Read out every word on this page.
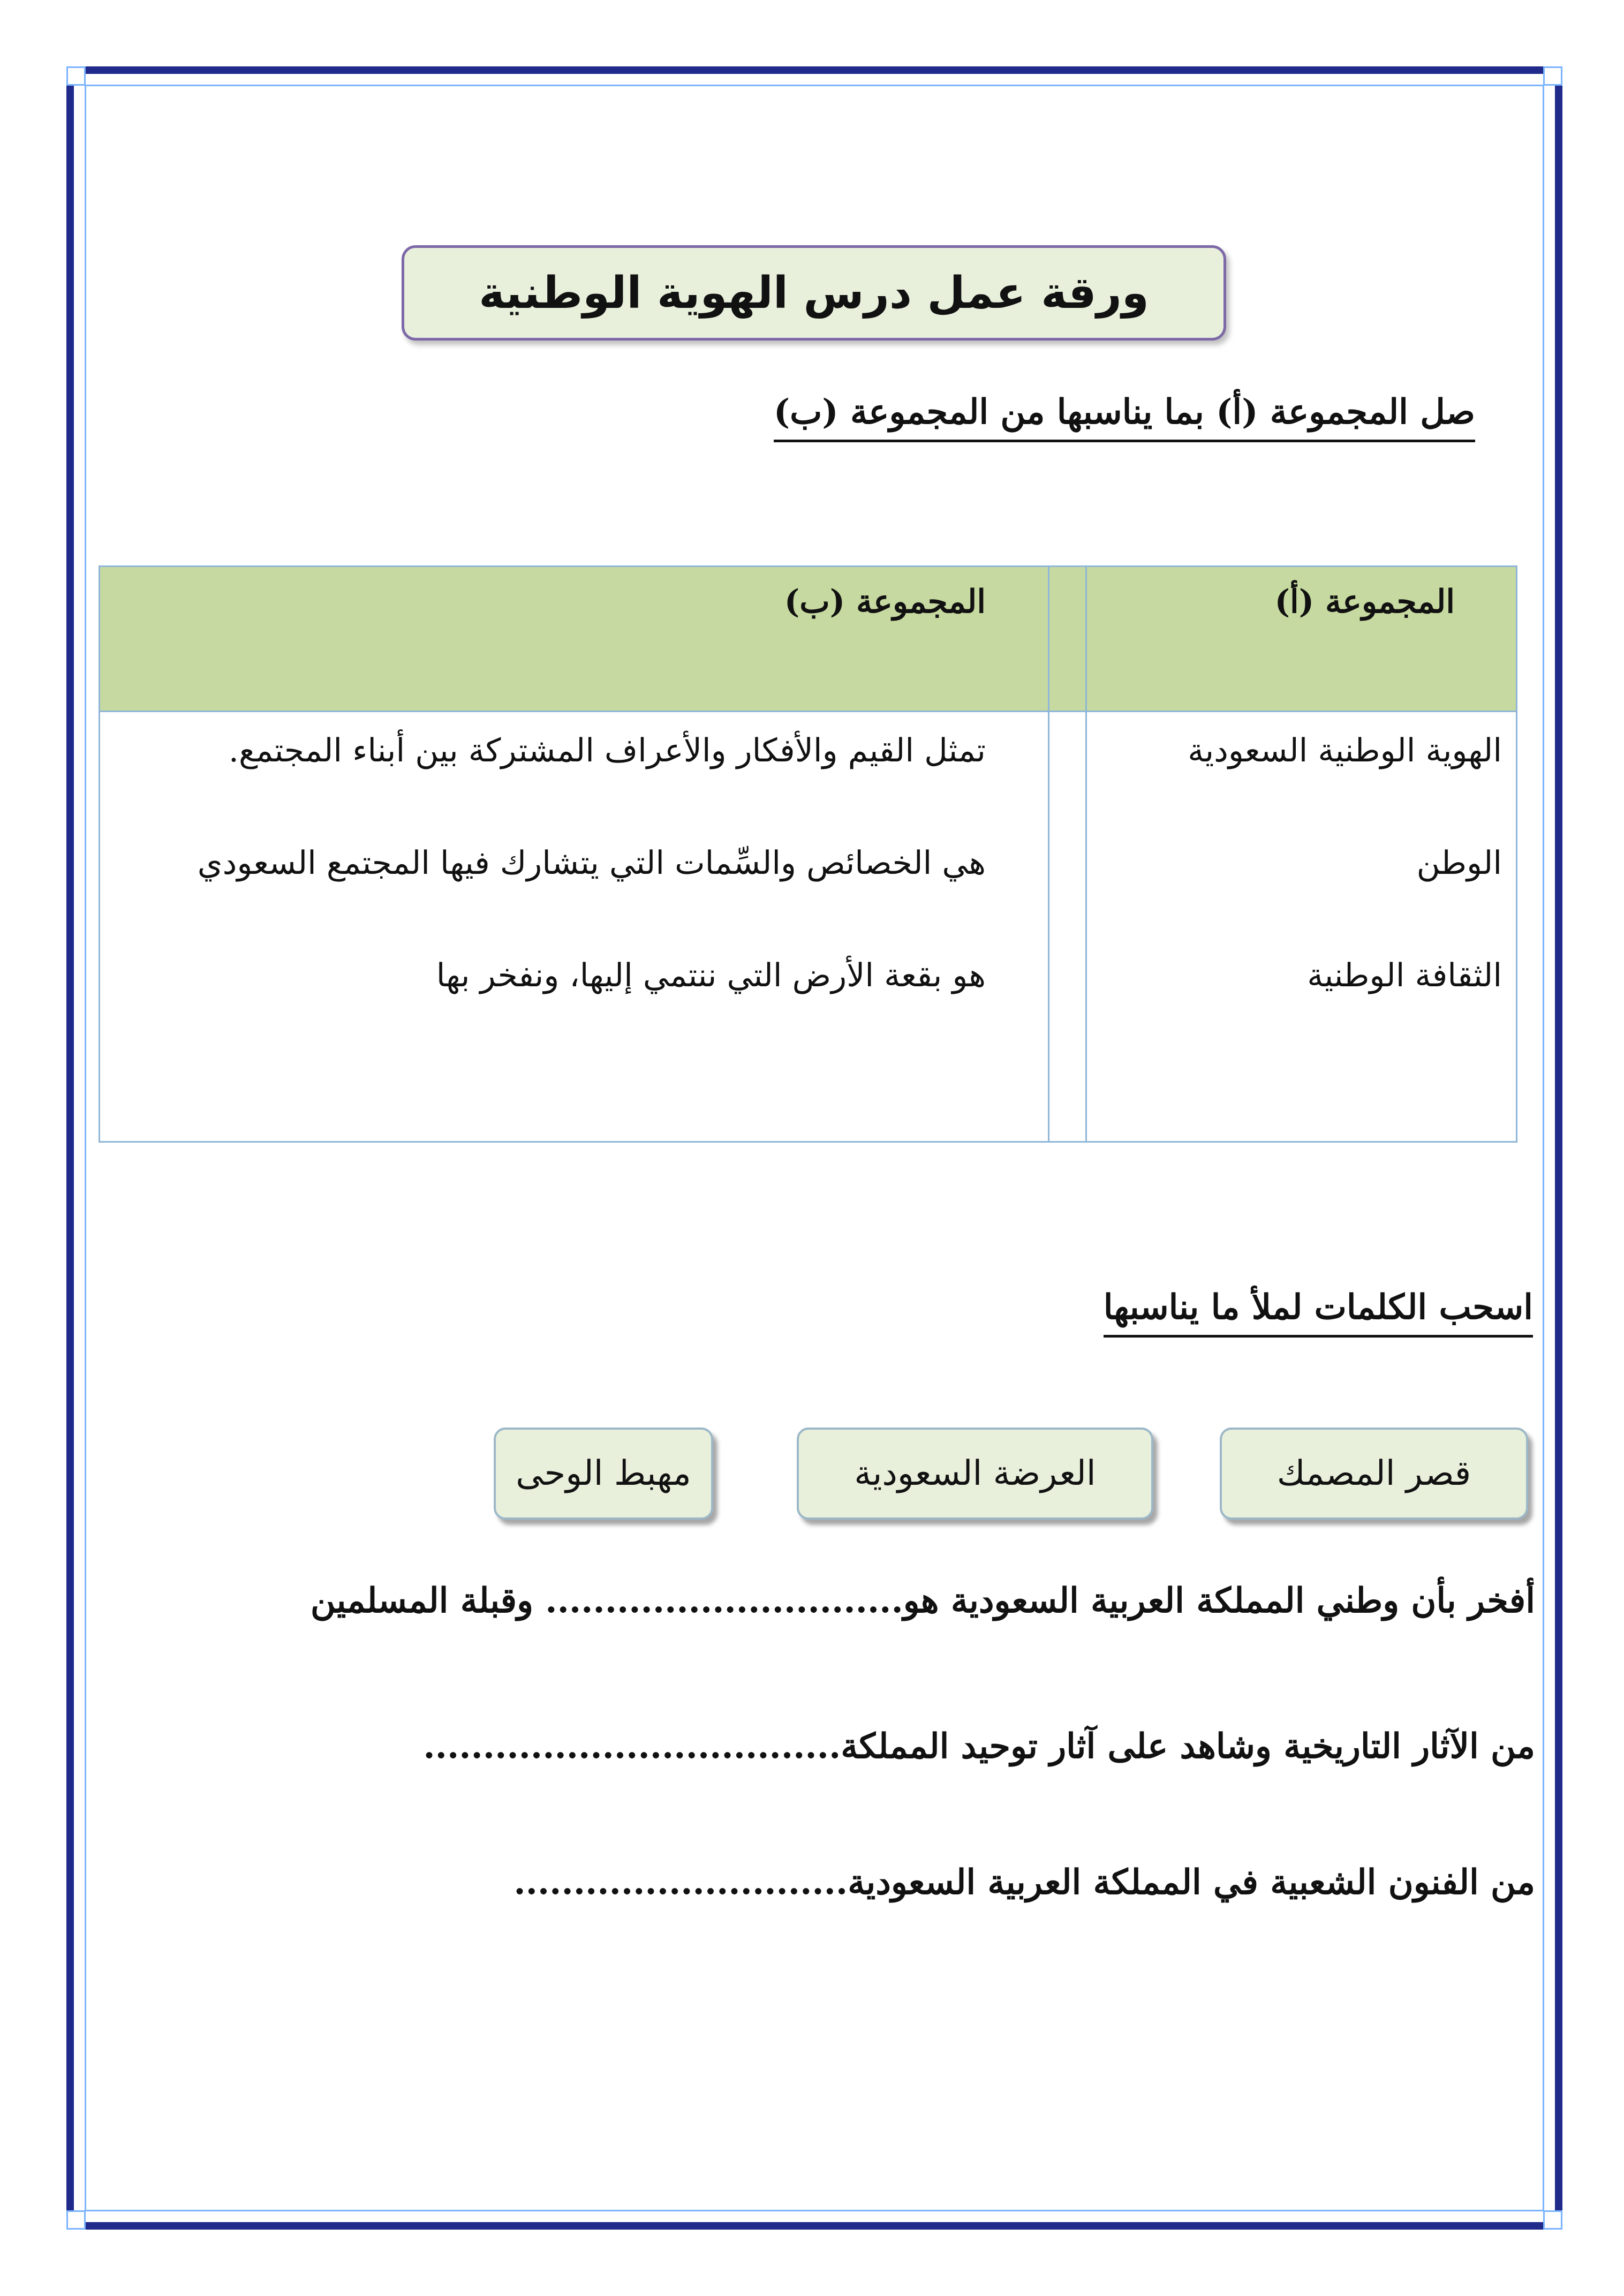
ورقة عمل درس الهوية الوطنية
صل المجموعة (أ) بما يناسبها من المجموعة (ب)
المجموعة (أ)
المجموعة (ب)
الهوية الوطنية السعودية
الوطن
الثقافة الوطنية
تمثل القيم والأفكار والأعراف المشتركة بين أبناء المجتمع.
هي الخصائص والسِّمات التي يتشارك فيها المجتمع السعودي
هو بقعة الأرض التي ننتمي إليها، ونفخر بها
اسحب الكلمات لملأ ما يناسبها
قصر المصمك
العرضة السعودية
مهبط الوحى
أفخر بأن وطني المملكة العربية السعودية هو.............................. وقبلة المسلمين
من الآثار التاريخية وشاهد على آثار توحيد المملكة...................................
من الفنون الشعبية في المملكة العربية السعودية............................
